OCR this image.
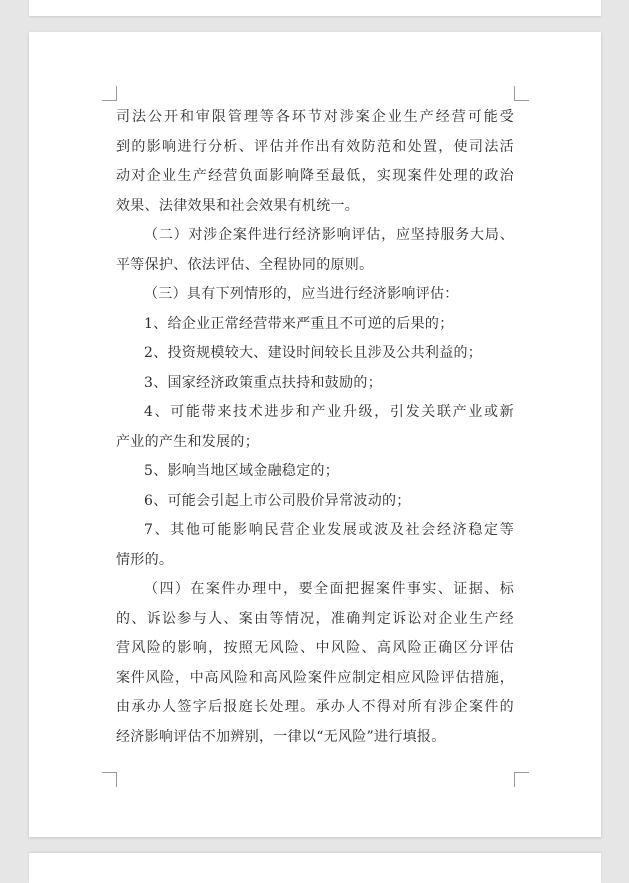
司法公开和审限管理等各环节对涉案企业生产经营可能受
到的影响进行分析、评估并作出有效防范和处置，使司法活
动对企业生产经营负面影响降至最低，实现案件处理的政治
效果、法律效果和社会效果有机统一。
（二）对涉企案件进行经济影响评估，应坚持服务大局、
平等保护、依法评估、全程协同的原则。
（三）具有下列情形的，应当进行经济影响评估：
1、给企业正常经营带来严重且不可逆的后果的；
2、投资规模较大、建设时间较长且涉及公共利益的；
3、国家经济政策重点扶持和鼓励的；
4、可能带来技术进步和产业升级，引发关联产业或新
产业的产生和发展的；
5、影响当地区域金融稳定的；
6、可能会引起上市公司股价异常波动的；
7、其他可能影响民营企业发展或波及社会经济稳定等
情形的。
（四）在案件办理中，要全面把握案件事实、证据、标
的、诉讼参与人、案由等情况，准确判定诉讼对企业生产经
营风险的影响，按照无风险、中风险、高风险正确区分评估
案件风险，中高风险和高风险案件应制定相应风险评估措施，
由承办人签字后报庭长处理。承办人不得对所有涉企案件的
经济影响评估不加辨别，一律以“无风险”进行填报。
